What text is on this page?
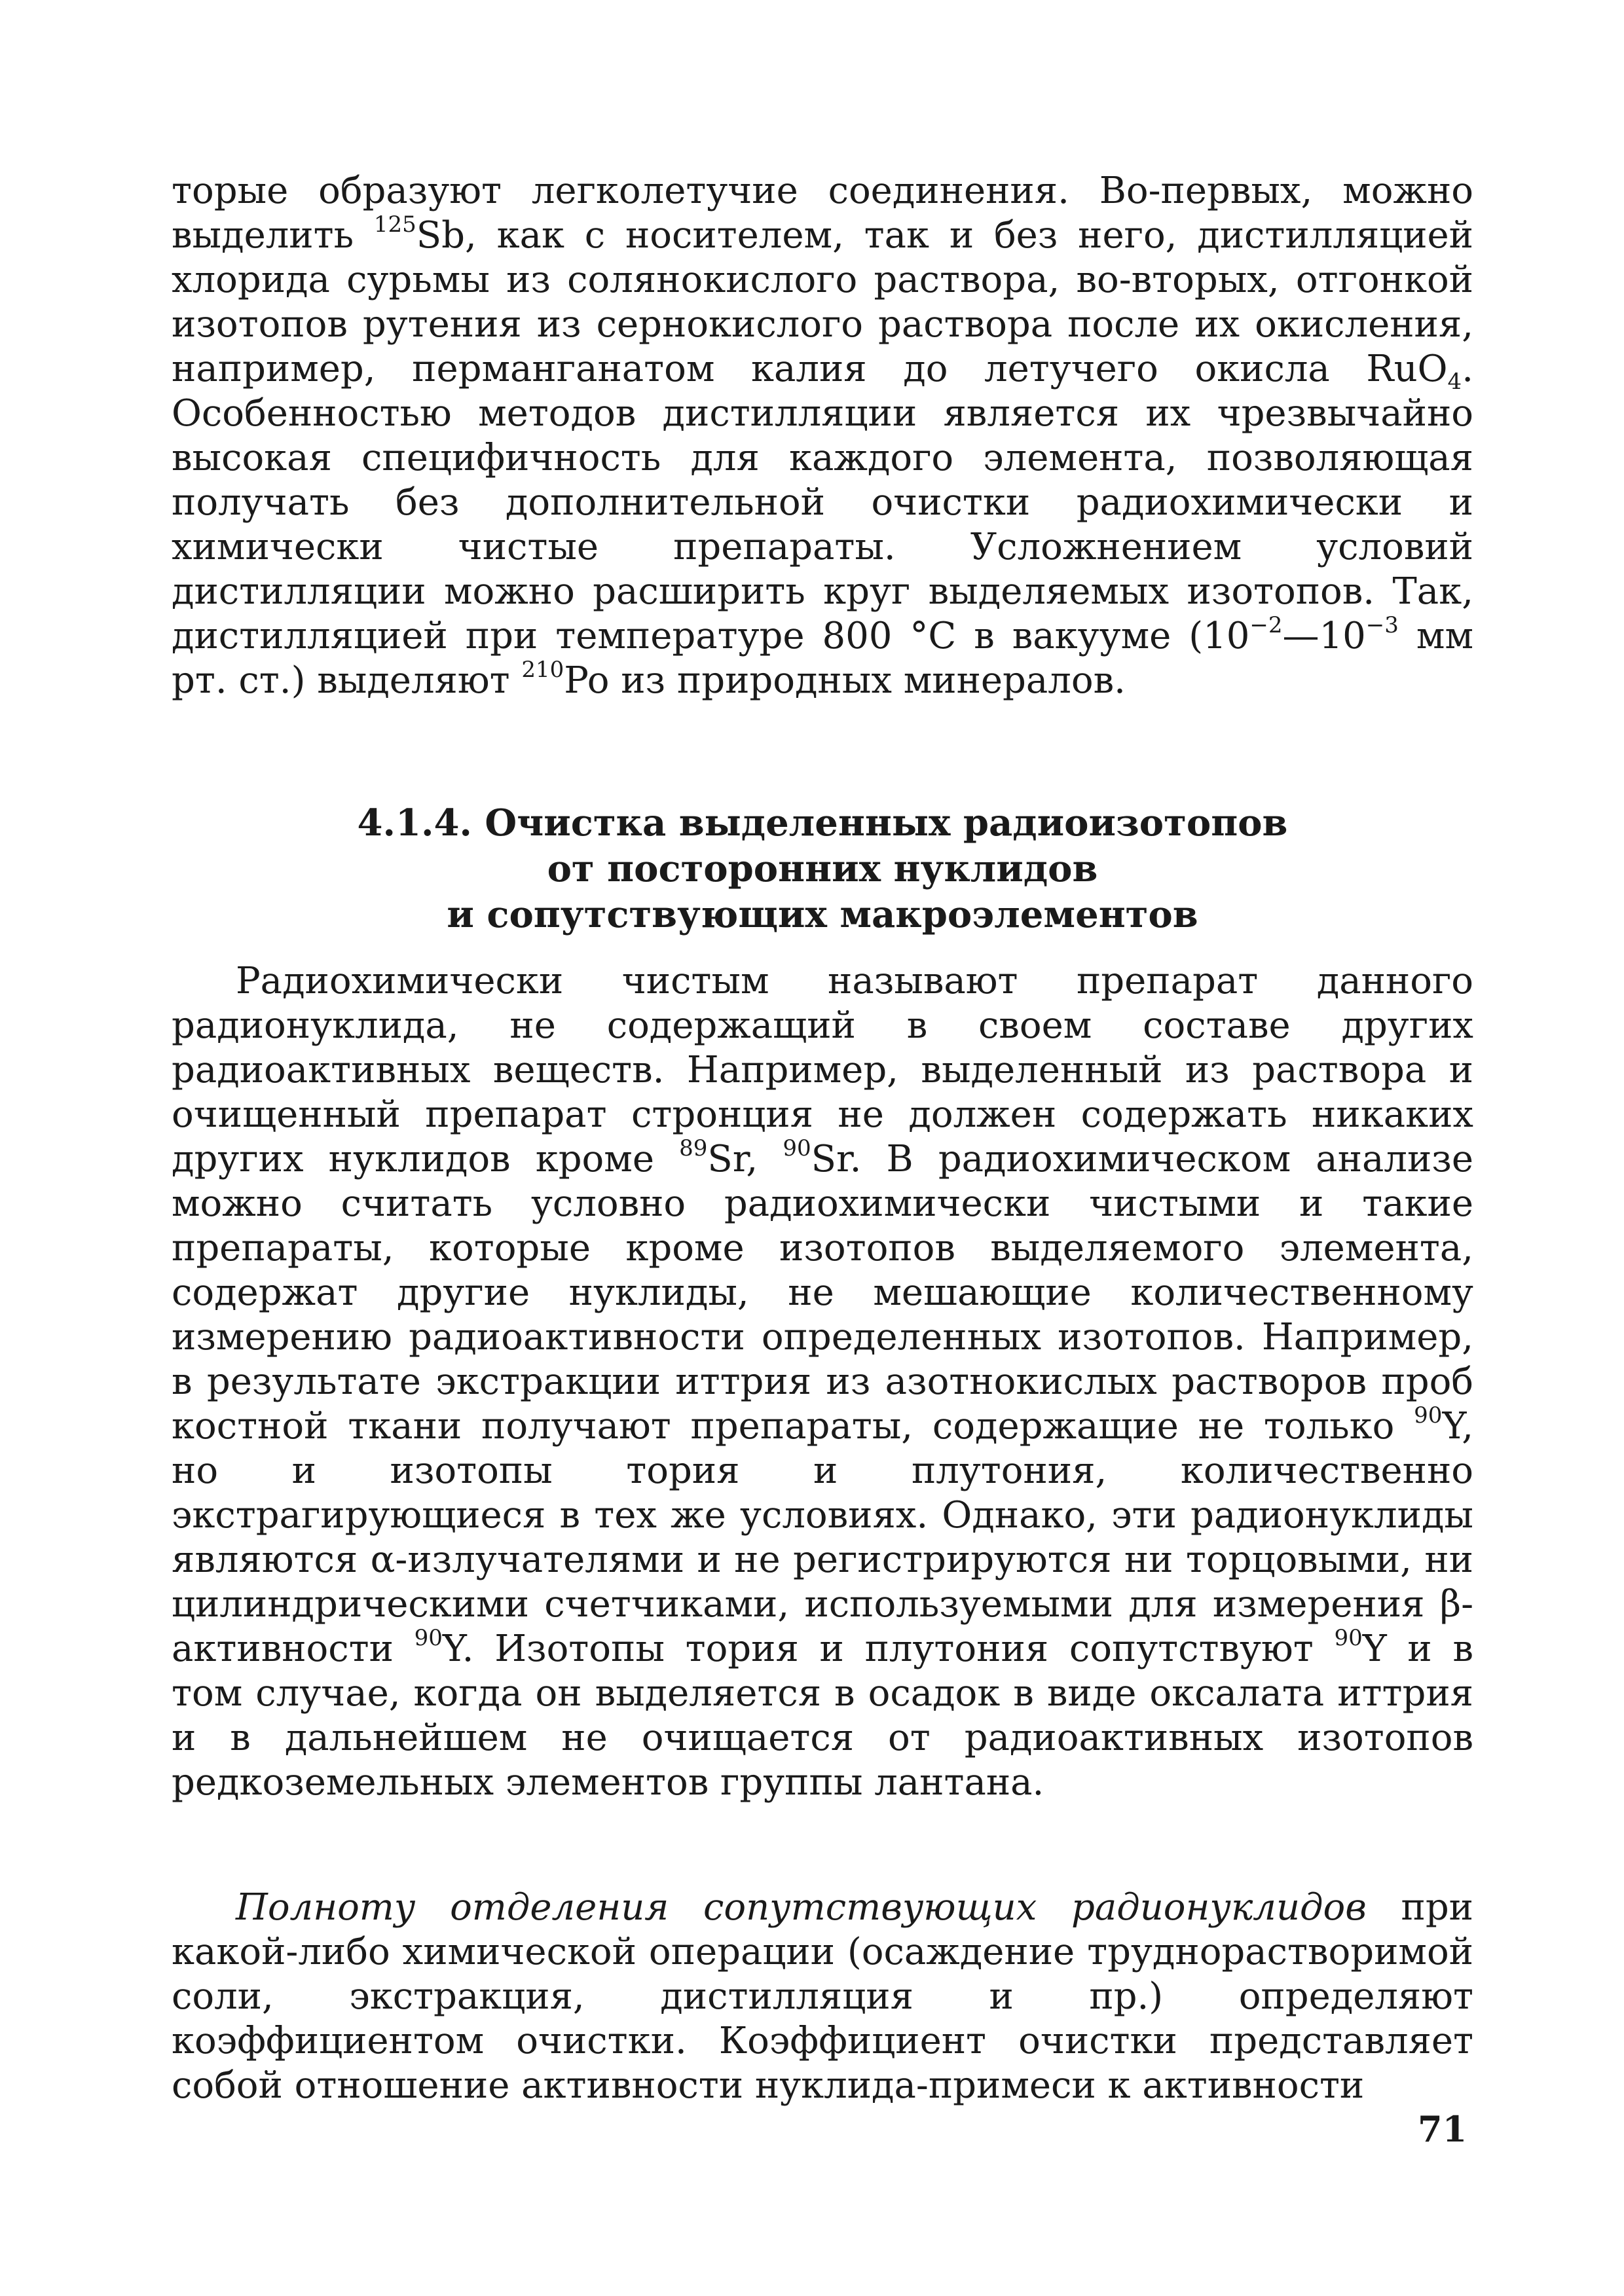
торые образуют легколетучие соединения. Во-первых, можно выделить $^{125}$Sb, как с носителем, так и без него, дистилляцией хлорида сурьмы из солянокислого раствора, во-вторых, отгонкой изотопов рутения из сернокислого раствора после их окисления, например, перманганатом калия до летучего окисла RuO$_4$. Особенностью методов дистилляции является их чрезвычайно высокая специфичность для каждого элемента, позволяющая получать без дополнительной очистки радиохимически и химически чистые препараты. Усложнением условий дистилляции можно расширить круг выделяемых изотопов. Так, дистилляцией при температуре 800 °C в вакууме ($10^{-2}—10^{-3}$ мм рт. ст.) выделяют $^{210}$Po из природных минералов.

4.1.4. Очистка выделенных радиоизотопов
от посторонних нуклидов
и сопутствующих макроэлементов

Радиохимически чистым называют препарат данного радионуклида, не содержащий в своем составе других радиоактивных веществ. Например, выделенный из раствора и очищенный препарат стронция не должен содержать никаких других нуклидов кроме $^{89}$Sr, $^{90}$Sr. В радиохимическом анализе можно считать условно радиохимически чистыми и такие препараты, которые кроме изотопов выделяемого элемента, содержат другие нуклиды, не мешающие количественному измерению радиоактивности определенных изотопов. Например, в результате экстракции иттрия из азотнокислых растворов проб костной ткани получают препараты, содержащие не только $^{90}$Y, но и изотопы тория и плутония, количественно экстрагирующиеся в тех же условиях. Однако, эти радионуклиды являются α-излучателями и не регистрируются ни торцовыми, ни цилиндрическими счетчиками, используемыми для измерения β-активности $^{90}$Y. Изотопы тория и плутония сопутствуют $^{90}$Y и в том случае, когда он выделяется в осадок в виде оксалата иттрия и в дальнейшем не очищается от радиоактивных изотопов редкоземельных элементов группы лантана.

Полноту отделения сопутствующих радионуклидов при какой-либо химической операции (осаждение труднорастворимой соли, экстракция, дистилляция и пр.) определяют коэффициентом очистки. Коэффициент очистки представляет собой отношение активности нуклида-примеси к активности

71
